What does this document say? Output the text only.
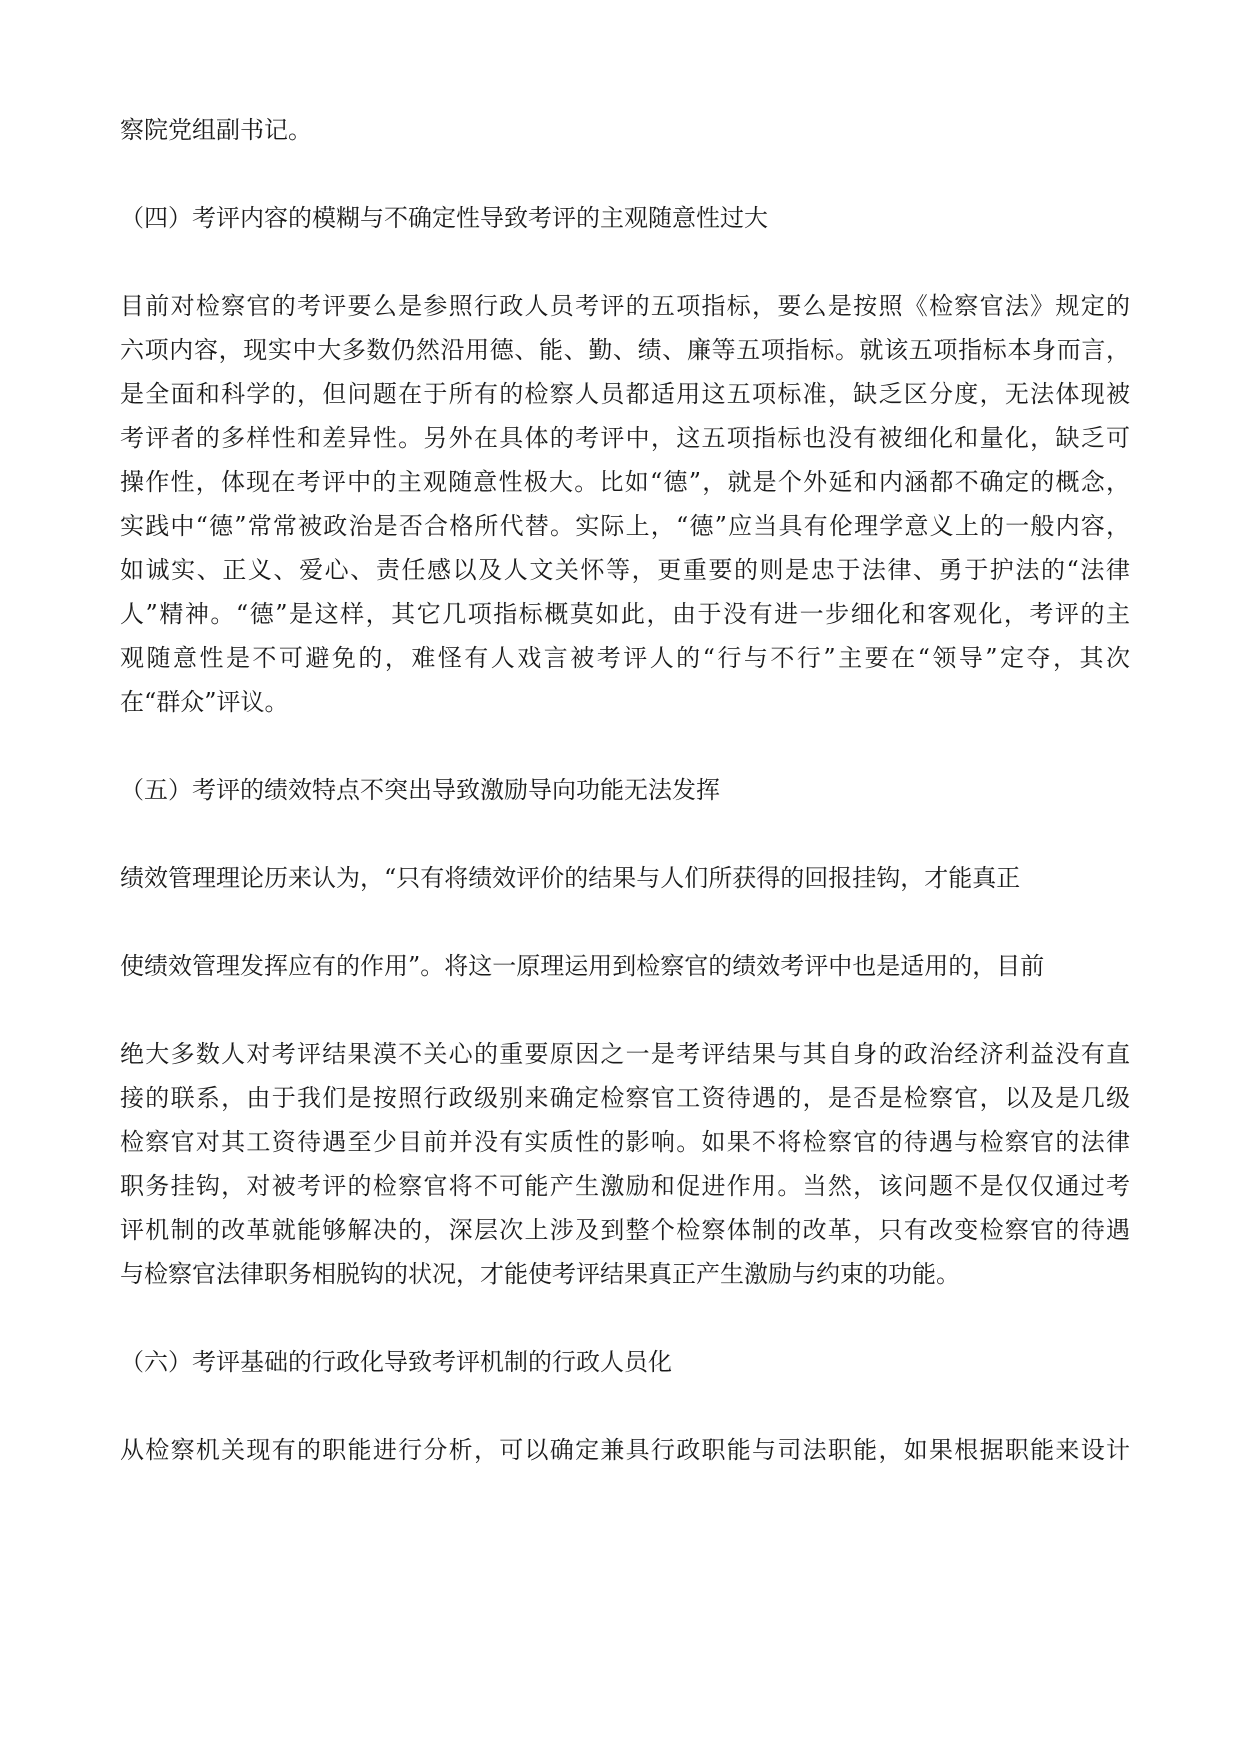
察院党组副书记。
（四）考评内容的模糊与不确定性导致考评的主观随意性过大
目前对检察官的考评要么是参照行政人员考评的五项指标，要么是按照《检察官法》规定的
六项内容，现实中大多数仍然沿用德、能、勤、绩、廉等五项指标。就该五项指标本身而言，
是全面和科学的，但问题在于所有的检察人员都适用这五项标准，缺乏区分度，无法体现被
考评者的多样性和差异性。另外在具体的考评中，这五项指标也没有被细化和量化，缺乏可
操作性，体现在考评中的主观随意性极大。比如“德”，就是个外延和内涵都不确定的概念，
实践中“德”常常被政治是否合格所代替。实际上，“德”应当具有伦理学意义上的一般内容，
如诚实、正义、爱心、责任感以及人文关怀等，更重要的则是忠于法律、勇于护法的“法律
人”精神。“德”是这样，其它几项指标概莫如此，由于没有进一步细化和客观化，考评的主
观随意性是不可避免的，难怪有人戏言被考评人的“行与不行”主要在“领导”定夺，其次
在“群众”评议。
（五）考评的绩效特点不突出导致激励导向功能无法发挥
绩效管理理论历来认为，“只有将绩效评价的结果与人们所获得的回报挂钩，才能真正
使绩效管理发挥应有的作用”。将这一原理运用到检察官的绩效考评中也是适用的，目前
绝大多数人对考评结果漠不关心的重要原因之一是考评结果与其自身的政治经济利益没有直
接的联系，由于我们是按照行政级别来确定检察官工资待遇的，是否是检察官，以及是几级
检察官对其工资待遇至少目前并没有实质性的影响。如果不将检察官的待遇与检察官的法律
职务挂钩，对被考评的检察官将不可能产生激励和促进作用。当然，该问题不是仅仅通过考
评机制的改革就能够解决的，深层次上涉及到整个检察体制的改革，只有改变检察官的待遇
与检察官法律职务相脱钩的状况，才能使考评结果真正产生激励与约束的功能。
（六）考评基础的行政化导致考评机制的行政人员化
从检察机关现有的职能进行分析，可以确定兼具行政职能与司法职能，如果根据职能来设计
